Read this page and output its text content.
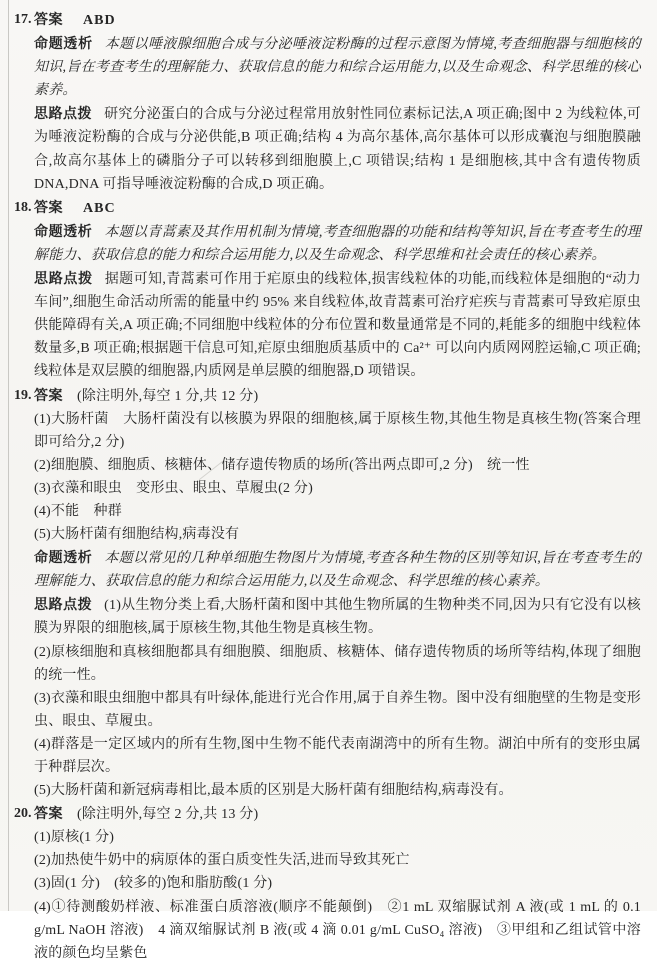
17. 答案 ABD

命题透析 本题以唾液腺细胞合成与分泌唾液淀粉酶的过程示意图为情境,考查细胞器与细胞核的知识,旨在考查考生的理解能力、获取信息的能力和综合运用能力,以及生命观念、科学思维的核心素养。

思路点拨 研究分泌蛋白的合成与分泌过程常用放射性同位素标记法,A 项正确;图中 2 为线粒体,可为唾液淀粉酶的合成与分泌供能,B 项正确;结构 4 为高尔基体,高尔基体可以形成囊泡与细胞膜融合,故高尔基体上的磷脂分子可以转移到细胞膜上,C 项错误;结构 1 是细胞核,其中含有遗传物质 DNA,DNA 可指导唾液淀粉酶的合成,D 项正确。

18. 答案 ABC

命题透析 本题以青蒿素及其作用机制为情境,考查细胞器的功能和结构等知识,旨在考查考生的理解能力、获取信息的能力和综合运用能力,以及生命观念、科学思维和社会责任的核心素养。

思路点拨 据题可知,青蒿素可作用于疟原虫的线粒体,损害线粒体的功能,而线粒体是细胞的“动力车间”,细胞生命活动所需的能量中约 95% 来自线粒体,故青蒿素可治疗疟疾与青蒿素可导致疟原虫供能障碍有关,A 项正确;不同细胞中线粒体的分布位置和数量通常是不同的,耗能多的细胞中线粒体数量多,B 项正确;根据题干信息可知,疟原虫细胞质基质中的 Ca²⁺ 可以向内质网网腔运输,C 项正确;线粒体是双层膜的细胞器,内质网是单层膜的细胞器,D 项错误。

19. 答案 (除注明外,每空 1 分,共 12 分)

(1)大肠杆菌　大肠杆菌没有以核膜为界限的细胞核,属于原核生物,其他生物是真核生物(答案合理即可给分,2 分)

(2)细胞膜、细胞质、核糖体、储存遗传物质的场所(答出两点即可,2 分)　统一性

(3)衣藻和眼虫　变形虫、眼虫、草履虫(2 分)

(4)不能　种群

(5)大肠杆菌有细胞结构,病毒没有

命题透析 本题以常见的几种单细胞生物图片为情境,考查各种生物的区别等知识,旨在考查考生的理解能力、获取信息的能力和综合运用能力,以及生命观念、科学思维的核心素养。

思路点拨 (1)从生物分类上看,大肠杆菌和图中其他生物所属的生物种类不同,因为只有它没有以核膜为界限的细胞核,属于原核生物,其他生物是真核生物。

(2)原核细胞和真核细胞都具有细胞膜、细胞质、核糖体、储存遗传物质的场所等结构,体现了细胞的统一性。

(3)衣藻和眼虫细胞中都具有叶绿体,能进行光合作用,属于自养生物。图中没有细胞壁的生物是变形虫、眼虫、草履虫。

(4)群落是一定区域内的所有生物,图中生物不能代表南湖湾中的所有生物。湖泊中所有的变形虫属于种群层次。

(5)大肠杆菌和新冠病毒相比,最本质的区别是大肠杆菌有细胞结构,病毒没有。

20. 答案 (除注明外,每空 2 分,共 13 分)

(1)原核(1 分)

(2)加热使牛奶中的病原体的蛋白质变性失活,进而导致其死亡

(3)固(1 分)　(较多的)饱和脂肪酸(1 分)

(4)①待测酸奶样液、标准蛋白质溶液(顺序不能颠倒)　②1 mL 双缩脲试剂 A 液(或 1 mL 的 0.1 g/mL NaOH 溶液)　4 滴双缩脲试剂 B 液(或 4 滴 0.01 g/mL CuSO₄ 溶液)　③甲组和乙组试管中溶液的颜色均呈紫色
